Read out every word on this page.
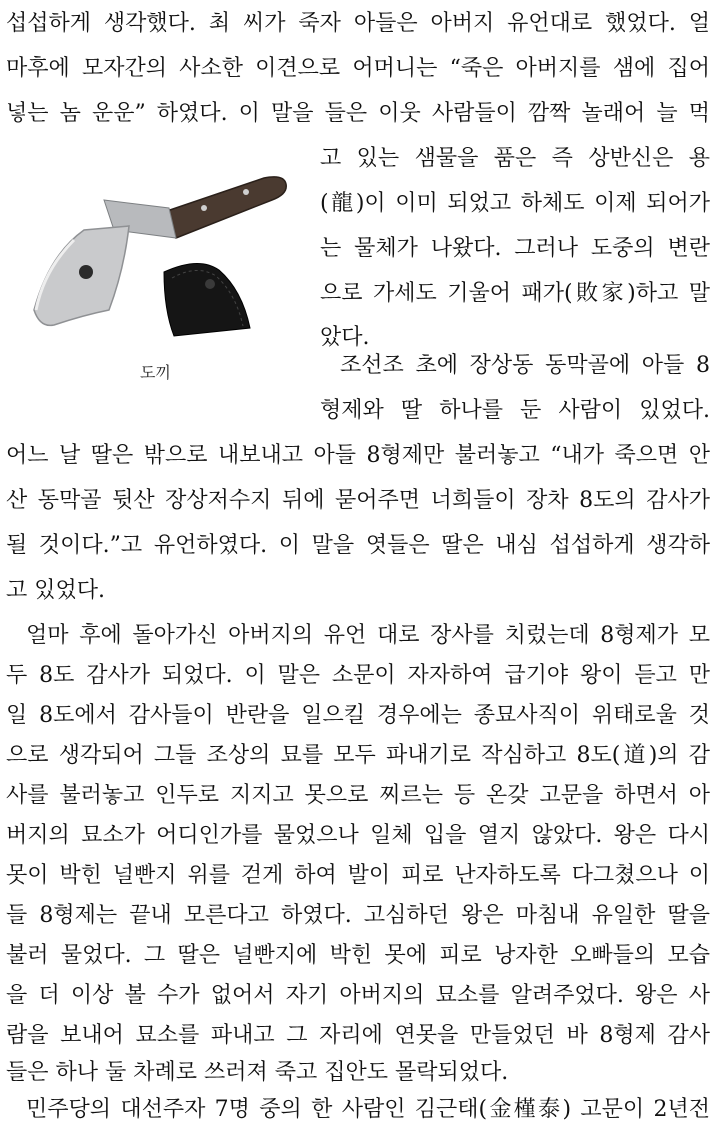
섭섭하게 생각했다. 최 씨가 죽자 아들은 아버지 유언대로 했었다. 얼
마후에 모자간의 사소한 이견으로 어머니는 “죽은 아버지를 샘에 집어
넣는 놈 운운” 하였다. 이 말을 들은 이웃 사람들이 깜짝 놀래어 늘 먹
고 있는 샘물을 품은 즉 상반신은 용
(龍)이 이미 되었고 하체도 이제 되어가
는 물체가 나왔다. 그러나 도중의 변란
으로 가세도 기울어 패가(敗家)하고 말
았다.
조선조 초에 장상동 동막골에 아들 8
형제와 딸 하나를 둔 사람이 있었다.
도끼
어느 날 딸은 밖으로 내보내고 아들 8형제만 불러놓고 “내가 죽으면 안
산 동막골 뒷산 장상저수지 뒤에 묻어주면 너희들이 장차 8도의 감사가
될 것이다.”고 유언하였다. 이 말을 엿들은 딸은 내심 섭섭하게 생각하
고 있었다.
얼마 후에 돌아가신 아버지의 유언 대로 장사를 치렀는데 8형제가 모
두 8도 감사가 되었다. 이 말은 소문이 자자하여 급기야 왕이 듣고 만
일 8도에서 감사들이 반란을 일으킬 경우에는 종묘사직이 위태로울 것
으로 생각되어 그들 조상의 묘를 모두 파내기로 작심하고 8도(道)의 감
사를 불러놓고 인두로 지지고 못으로 찌르는 등 온갖 고문을 하면서 아
버지의 묘소가 어디인가를 물었으나 일체 입을 열지 않았다. 왕은 다시
못이 박힌 널빤지 위를 걷게 하여 발이 피로 난자하도록 다그쳤으나 이
들 8형제는 끝내 모른다고 하였다. 고심하던 왕은 마침내 유일한 딸을
불러 물었다. 그 딸은 널빤지에 박힌 못에 피로 낭자한 오빠들의 모습
을 더 이상 볼 수가 없어서 자기 아버지의 묘소를 알려주었다. 왕은 사
람을 보내어 묘소를 파내고 그 자리에 연못을 만들었던 바 8형제 감사
들은 하나 둘 차례로 쓰러져 죽고 집안도 몰락되었다.
민주당의 대선주자 7명 중의 한 사람인 김근태(金槿泰) 고문이 2년전
